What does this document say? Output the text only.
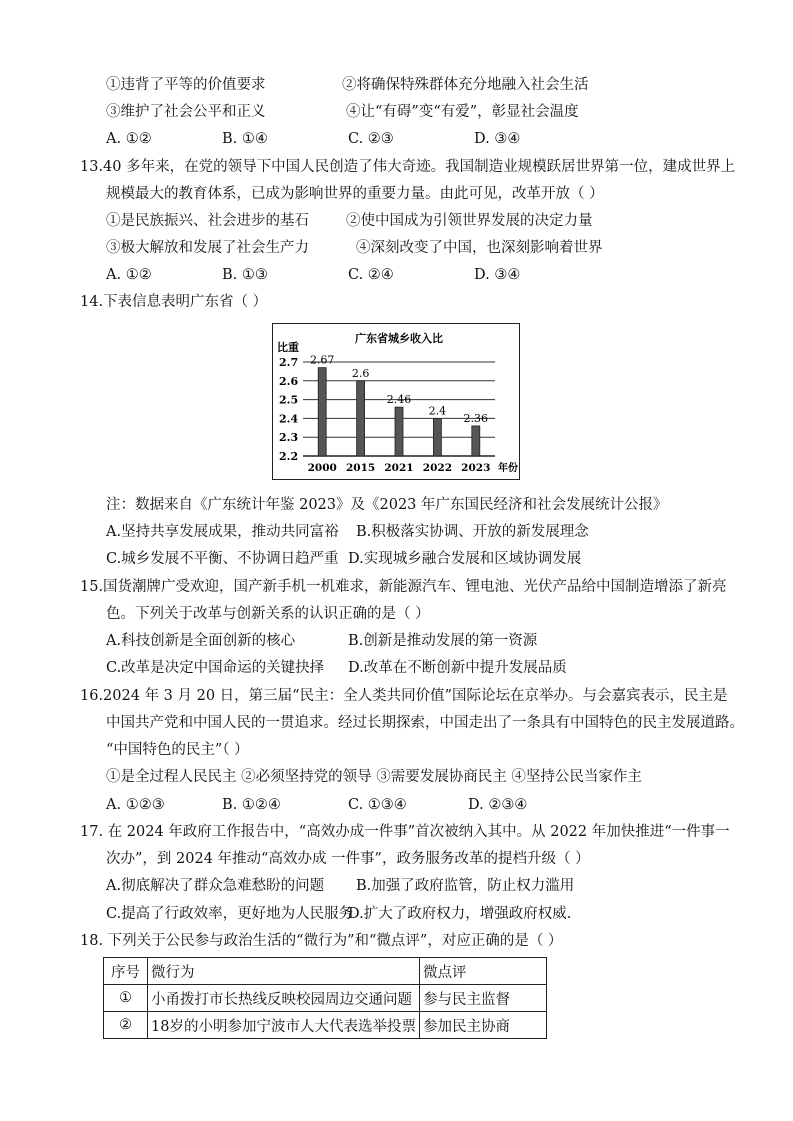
①违背了平等的价值要求	②将确保特殊群体充分地融入社会生活
③维护了社会公平和正义	④让“有碍”变“有爱”，彰显社会温度
A. ①②	B. ①④	C. ②③	D. ③④
13.40 多年来，在党的领导下中国人民创造了伟大奇迹。我国制造业规模跃居世界第一位，建成世界上
规模最大的教育体系，已成为影响世界的重要力量。由此可见，改革开放（ ）
①是民族振兴、社会进步的基石	②使中国成为引领世界发展的决定力量
③极大解放和发展了社会生产力	④深刻改变了中国，也深刻影响着世界
A. ①②	B. ①③	C. ②④	D. ③④
14.下表信息表明广东省（ ）
广东省城乡收入比
比重
2.7
2.6
2.5
2.4
2.3
2.2
2.67
2000
2.6
2015
2.46
2021
2.4
2022
2.36
2023 年份
注：数据来自《广东统计年鉴 2023》及《2023 年广东国民经济和社会发展统计公报》
A.坚持共享发展成果，推动共同富裕 B.积极落实协调、开放的新发展理念
C.城乡发展不平衡、不协调日趋严重 D.实现城乡融合发展和区域协调发展
15.国货潮牌广受欢迎，国产新手机一机难求，新能源汽车、锂电池、光伏产品给中国制造增添了新亮
色。下列关于改革与创新关系的认识正确的是（ ）
A.科技创新是全面创新的核心	B.创新是推动发展的第一资源
C.改革是决定中国命运的关键抉择 D.改革在不断创新中提升发展品质
16.2024 年 3 月 20 日，第三届“民主：全人类共同价值”国际论坛在京举办。与会嘉宾表示，民主是
中国共产党和中国人民的一贯追求。经过长期探索，中国走出了一条具有中国特色的民主发展道路。
“中国特色的民主”（ ）
①是全过程人民民主 ②必须坚持党的领导 ③需要发展协商民主 ④坚持公民当家作主
A. ①②③	B. ①②④	C. ①③④	D. ②③④
17. 在 2024 年政府工作报告中，“高效办成一件事”首次被纳入其中。从 2022 年加快推进“一件事一
次办”，到 2024 年推动“高效办成 一件事”，政务服务改革的提档升级（ ）
A.彻底解决了群众急难愁盼的问题 B.加强了政府监管，防止权力滥用
C.提高了行政效率，更好地为人民服务
D.扩大了政府权力，增强政府权威.
18. 下列关于公民参与政治生活的“微行为”和“微点评”，对应正确的是（ ）
序号	微行为	微点评
①	小甬拨打市长热线反映校园周边交通问题	参与民主监督
②	18岁的小明参加宁波市人大代表选举投票	参加民主协商
